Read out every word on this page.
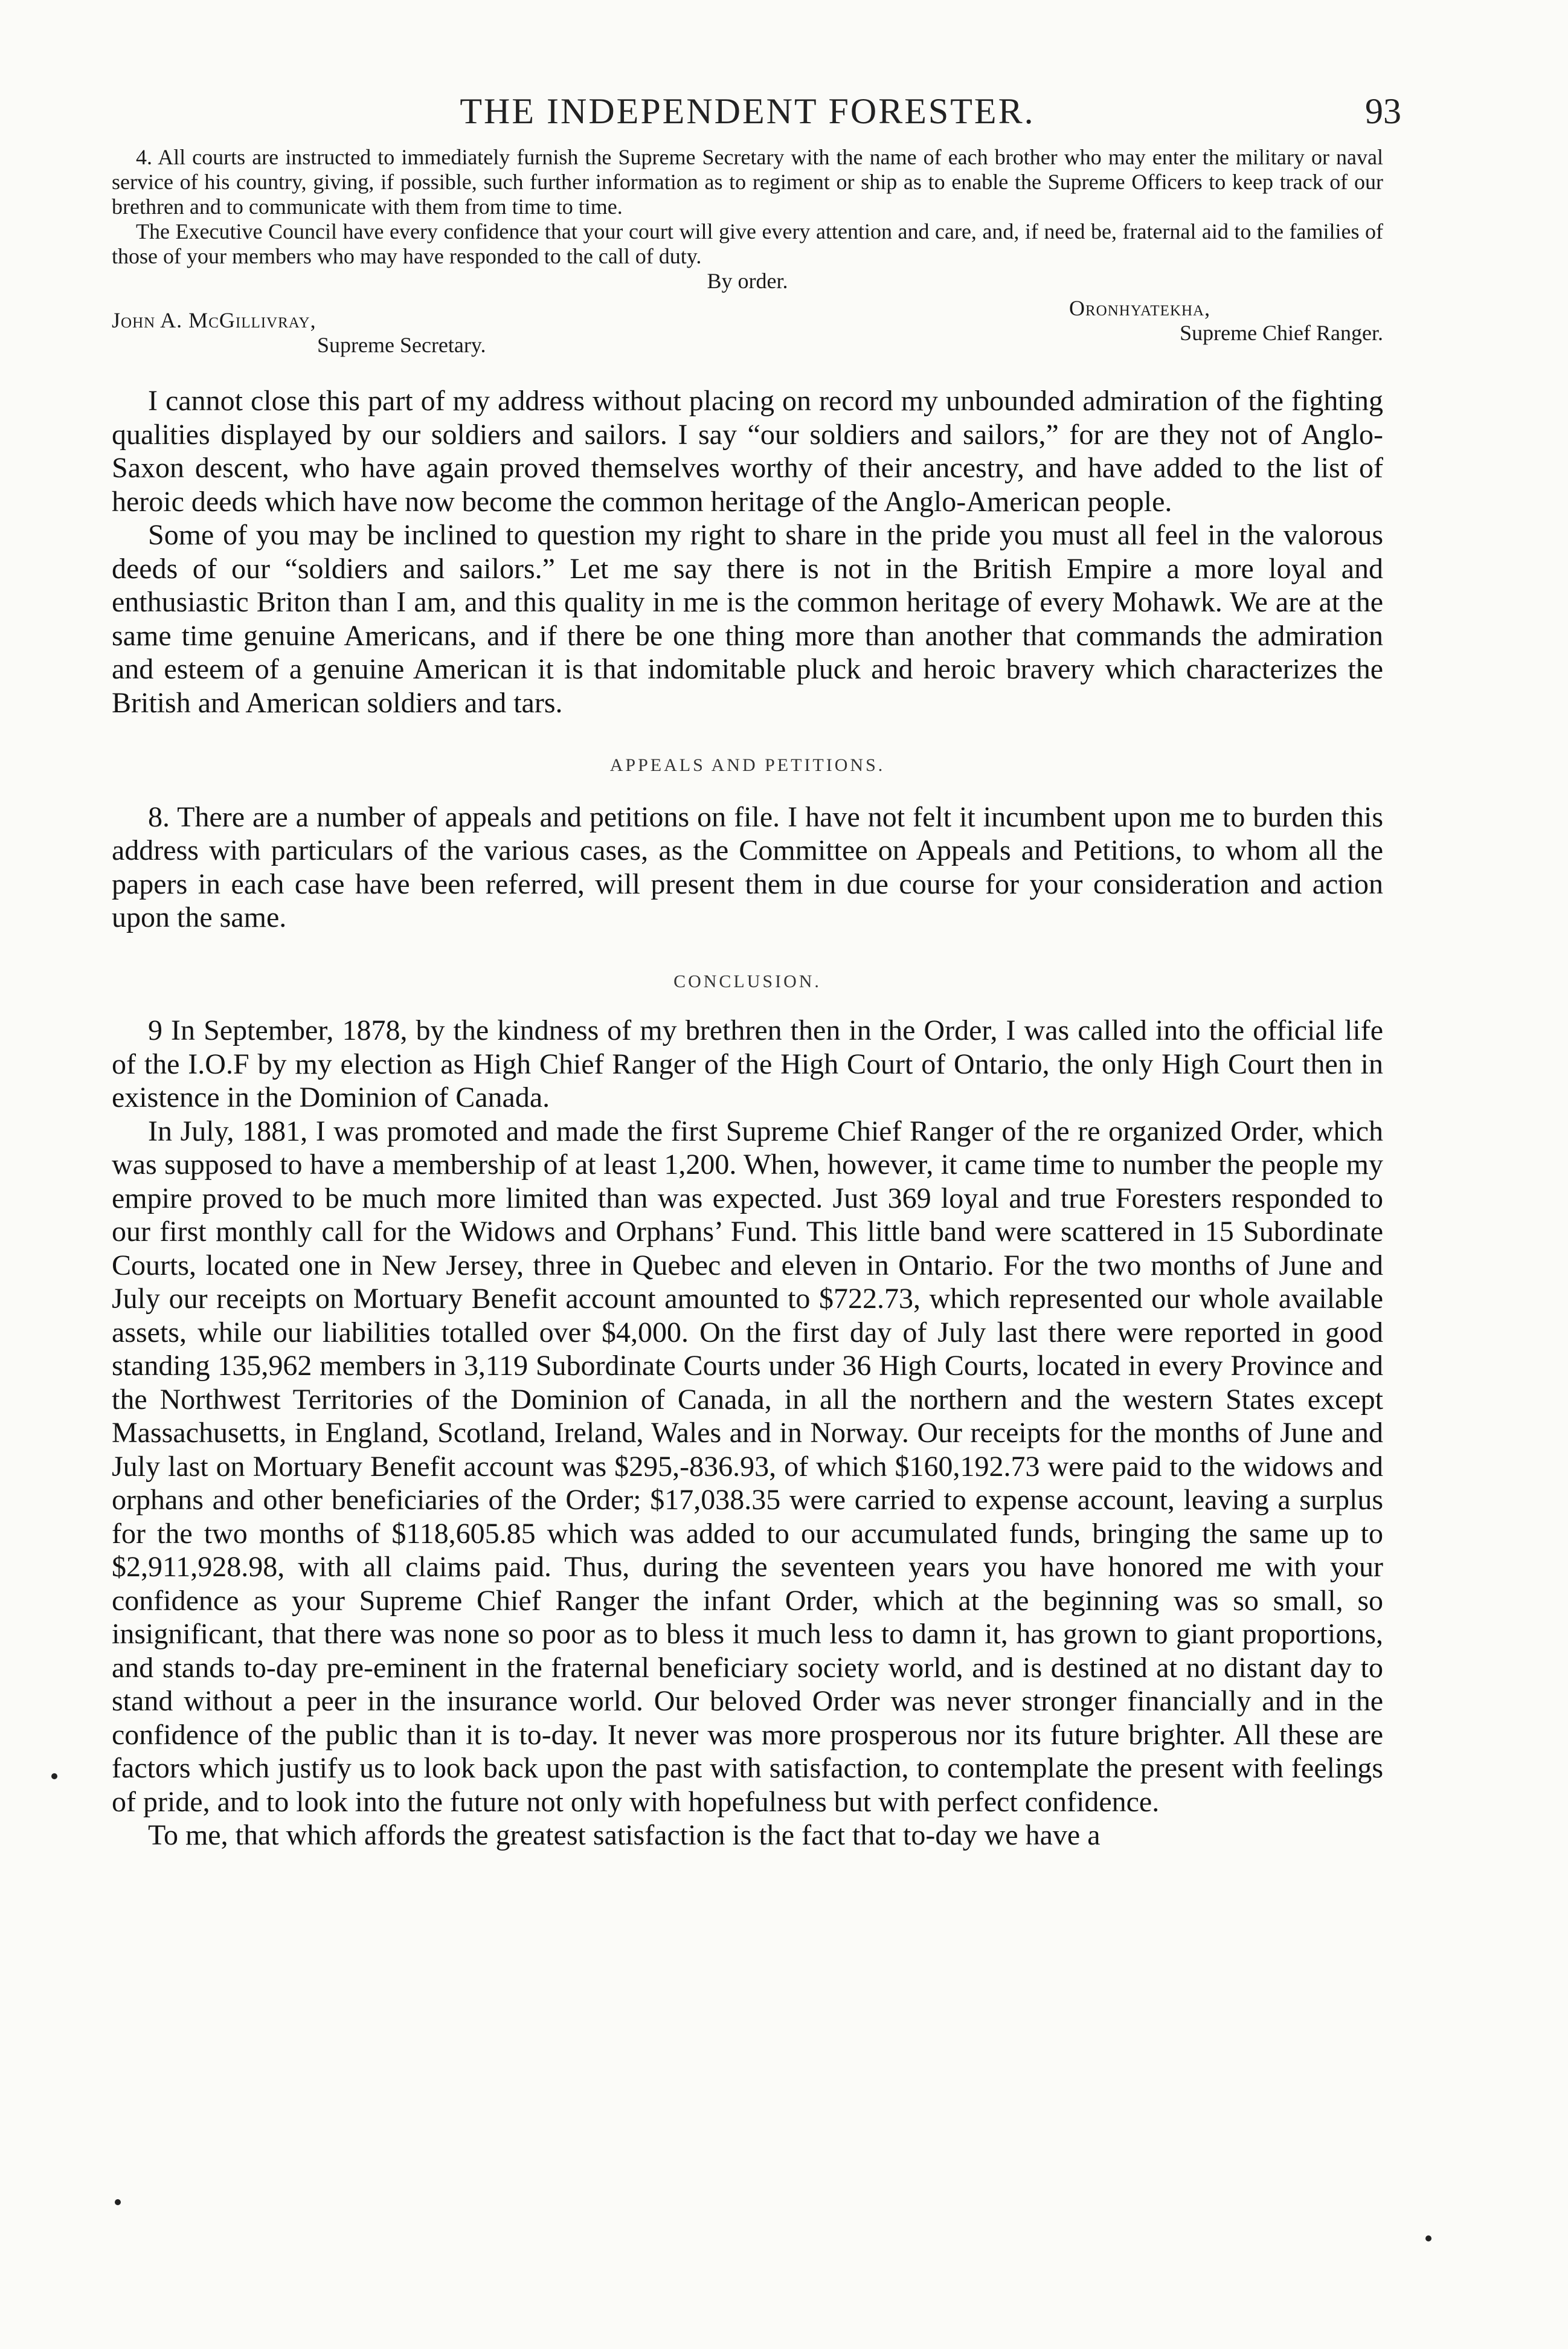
THE INDEPENDENT FORESTER.	93

4. All courts are instructed to immediately furnish the Supreme Secretary with the name of each brother who may enter the military or naval service of his country, giving, if possible, such further information as to regiment or ship as to enable the Supreme Officers to keep track of our brethren and to communicate with them from time to time.

The Executive Council have every confidence that your court will give every attention and care, and, if need be, fraternal aid to the families of those of your members who may have responded to the call of duty.

By order.

Oronhyatekha,
Supreme Chief Ranger.
John A. McGillivray,
Supreme Secretary.

I cannot close this part of my address without placing on record my unbounded admiration of the fighting qualities displayed by our soldiers and sailors. I say “our soldiers and sailors,” for are they not of Anglo-Saxon descent, who have again proved themselves worthy of their ancestry, and have added to the list of heroic deeds which have now become the common heritage of the Anglo-American people.

Some of you may be inclined to question my right to share in the pride you must all feel in the valorous deeds of our “soldiers and sailors.” Let me say there is not in the British Empire a more loyal and enthusiastic Briton than I am, and this quality in me is the common heritage of every Mohawk. We are at the same time genuine Americans, and if there be one thing more than another that commands the admiration and esteem of a genuine American it is that indomitable pluck and heroic bravery which characterizes the British and American soldiers and tars.

APPEALS AND PETITIONS.

8. There are a number of appeals and petitions on file. I have not felt it incumbent upon me to burden this address with particulars of the various cases, as the Committee on Appeals and Petitions, to whom all the papers in each case have been referred, will present them in due course for your consideration and action upon the same.

CONCLUSION.

9 In September, 1878, by the kindness of my brethren then in the Order, I was called into the official life of the I.O.F by my election as High Chief Ranger of the High Court of Ontario, the only High Court then in existence in the Dominion of Canada.

In July, 1881, I was promoted and made the first Supreme Chief Ranger of the re organized Order, which was supposed to have a membership of at least 1,200. When, however, it came time to number the people my empire proved to be much more limited than was expected. Just 369 loyal and true Foresters responded to our first monthly call for the Widows and Orphans’ Fund. This little band were scattered in 15 Subordinate Courts, located one in New Jersey, three in Quebec and eleven in Ontario. For the two months of June and July our receipts on Mortuary Benefit account amounted to $722.73, which represented our whole available assets, while our liabilities totalled over $4,000. On the first day of July last there were reported in good standing 135,962 members in 3,119 Subordinate Courts under 36 High Courts, located in every Province and the Northwest Territories of the Dominion of Canada, in all the northern and the western States except Massachusetts, in England, Scotland, Ireland, Wales and in Norway. Our receipts for the months of June and July last on Mortuary Benefit account was $295,-836.93, of which $160,192.73 were paid to the widows and orphans and other beneficiaries of the Order; $17,038.35 were carried to expense account, leaving a surplus for the two months of $118,605.85 which was added to our accumulated funds, bringing the same up to $2,911,928.98, with all claims paid. Thus, during the seventeen years you have honored me with your confidence as your Supreme Chief Ranger the infant Order, which at the beginning was so small, so insignificant, that there was none so poor as to bless it much less to damn it, has grown to giant proportions, and stands to-day pre-eminent in the fraternal beneficiary society world, and is destined at no distant day to stand without a peer in the insurance world. Our beloved Order was never stronger financially and in the confidence of the public than it is to-day. It never was more prosperous nor its future brighter. All these are factors which justify us to look back upon the past with satisfaction, to contemplate the present with feelings of pride, and to look into the future not only with hopefulness but with perfect confidence.

To me, that which affords the greatest satisfaction is the fact that to-day we have a
